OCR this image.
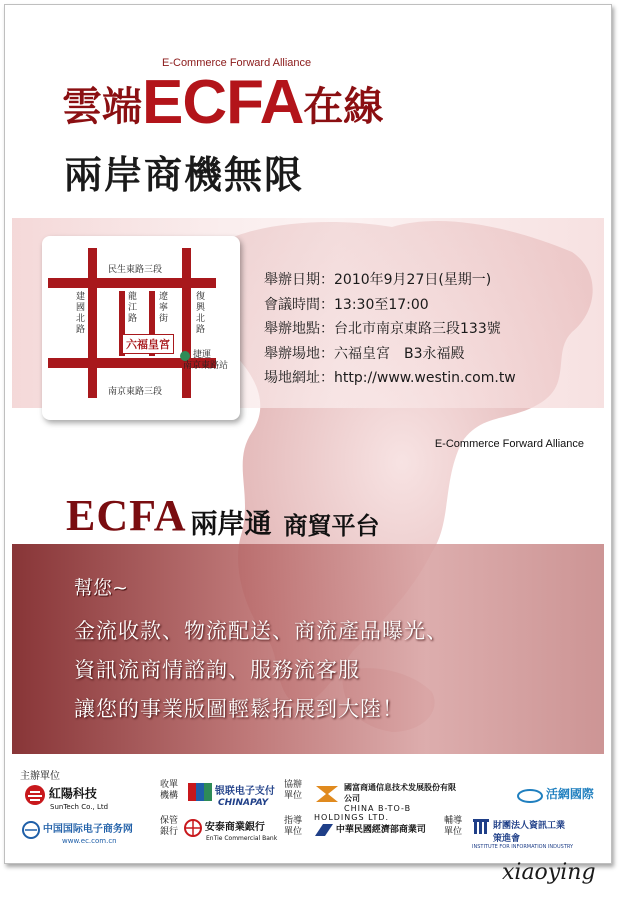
E-Commerce Forward Alliance
雲端ECFA在線
兩岸商機無限
民生東路三段
南京東路三段
建國北路
龍江路
遼寧街
復興北路
六福皇宮
捷運
南京東路站
舉辦日期：2010年9月27日(星期一)
會議時間：13:30至17:00
舉辦地點：台北市南京東路三段133號
舉辦場地：六福皇宮　B3永福殿
場地網址：http://www.westin.com.tw
E-Commerce Forward Alliance
ECFA 兩岸通 商貿平台
幫您~
金流收款、物流配送、商流產品曝光、
資訊流商情諮詢、服務流客服
讓您的事業版圖輕鬆拓展到大陸！
主辦單位
紅陽科技
SunTech Co., Ltd
中国国际电子商务网
www.ec.com.cn
收單機構	银联电子支付
CHINAPAY
保管銀行	安泰商業銀行
EnTie Commercial Bank
協辦單位
國富商通信息技术发展股份有限公司
CHINA B-TO-B HOLDINGS LTD.
活網國際
指導單位	中華民國經濟部商業司
輔導單位
財團法人資訊工業策進會
INSTITUTE FOR INFORMATION INDUSTRY
xiaoying
